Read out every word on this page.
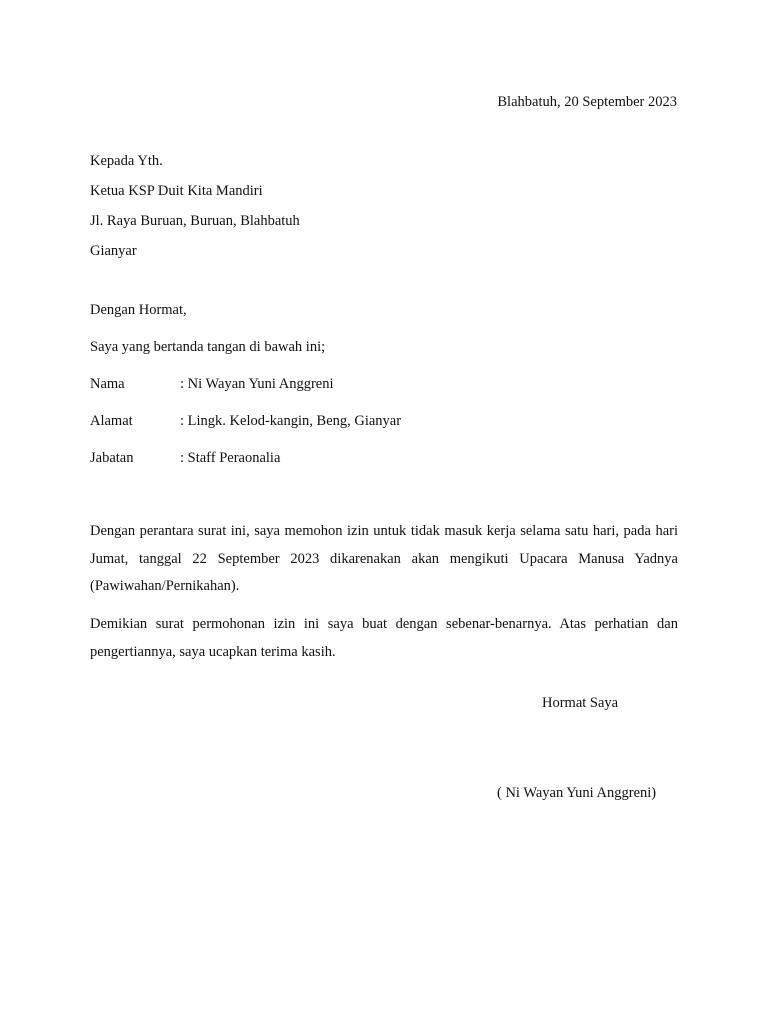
Blahbatuh, 20 September 2023
Kepada Yth.
Ketua KSP Duit Kita Mandiri
Jl. Raya Buruan, Buruan, Blahbatuh
Gianyar
Dengan Hormat,
Saya yang bertanda tangan di bawah ini;
Nama	: Ni Wayan Yuni Anggreni
Alamat	: Lingk. Kelod-kangin, Beng, Gianyar
Jabatan	: Staff Peraonalia

Dengan perantara surat ini, saya memohon izin untuk tidak masuk kerja selama satu hari, pada hari Jumat, tanggal 22 September 2023 dikarenakan akan mengikuti Upacara Manusa Yadnya (Pawiwahan/Pernikahan).

Demikian surat permohonan izin ini saya buat dengan sebenar-benarnya. Atas perhatian dan pengertiannya, saya ucapkan terima kasih.

Hormat Saya
( Ni Wayan Yuni Anggreni)
